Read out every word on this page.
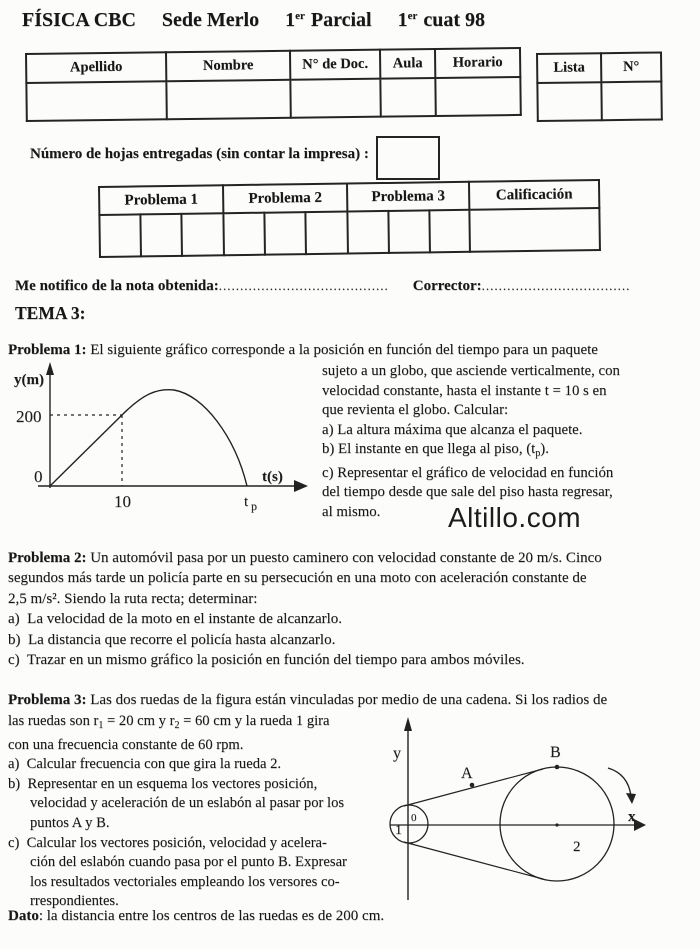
FÍSICA CBC Sede Merlo 1er Parcial 1er cuat 98
Apellido	Nombre	N° de Doc.	Aula	Horario
					Lista	N°

Número de hojas entregadas (sin contar la impresa) :
Problema 1			Problema 2			Problema 3			Calificación

Me notifico de la nota obtenida:........................................ Corrector:...................................
TEMA 3:
Problema 1: El siguiente gráfico corresponde a la posición en función del tiempo para un paquete
y(m)
200
0
10	t p
t(s)
sujeto a un globo, que asciende verticalmente, con
velocidad constante, hasta el instante t = 10 s en
que revienta el globo. Calcular:
a) La altura máxima que alcanza el paquete.
b) El instante en que llega al piso, $(t_p)$.
c) Representar el gráfico de velocidad en función
del tiempo desde que sale del piso hasta regresar,
al mismo.	Altillo.com
Problema 2: Un automóvil pasa por un puesto caminero con velocidad constante de 20 m/s. Cinco
segundos más tarde un policía parte en su persecución en una moto con aceleración constante de
2,5 m/s². Siendo la ruta recta; determinar:
a)  La velocidad de la moto en el instante de alcanzarlo.
b)  La distancia que recorre el policía hasta alcanzarlo.
c)  Trazar en un mismo gráfico la posición en función del tiempo para ambos móviles.
Problema 3: Las dos ruedas de la figura están vinculadas por medio de una cadena. Si los radios de
las ruedas son $r_1 = 20$ cm y $r_2 = 60$ cm y la rueda 1 gira
con una frecuencia constante de 60 rpm.
a)  Calcular frecuencia con que gira la rueda 2.
b)  Representar en un esquema los vectores posición,
velocidad y aceleración de un eslabón al pasar por los
puntos A y B.
c)  Calcular los vectores posición, velocidad y acelera-
ción del eslabón cuando pasa por el punto B. Expresar
los resultados vectoriales empleando los versores co-
rrespondientes.
Dato: la distancia entre los centros de las ruedas es de 200 cm.
y
x
0
1
2
A
B
